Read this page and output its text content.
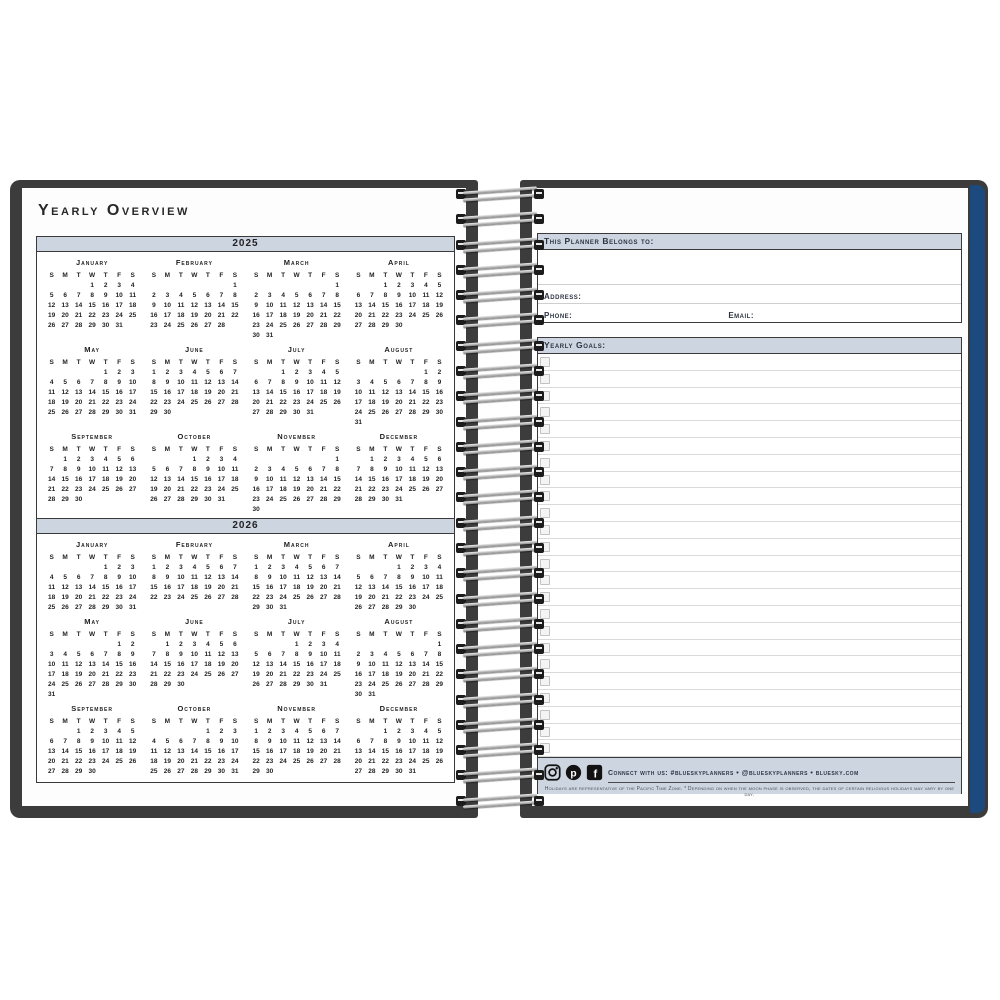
Yearly Overview
2025
January
S M T W T F S
1 2 3 4
5 6 7 8 9 10 11
12 13 14 15 16 17 18
19 20 21 22 23 24 25
26 27 28 29 30 31
February
S M T W T F S
1
2 3 4 5 6 7 8
9 10 11 12 13 14 15
16 17 18 19 20 21 22
23 24 25 26 27 28
March
S M T W T F S
1
2 3 4 5 6 7 8
9 10 11 12 13 14 15
16 17 18 19 20 21 22
23 24 25 26 27 28 29
30 31
April
S M T W T F S
1 2 3 4 5
6 7 8 9 10 11 12
13 14 15 16 17 18 19
20 21 22 23 24 25 26
27 28 29 30
May
S M T W T F S
1 2 3
4 5 6 7 8 9 10
11 12 13 14 15 16 17
18 19 20 21 22 23 24
25 26 27 28 29 30 31
June
S M T W T F S
1 2 3 4 5 6 7
8 9 10 11 12 13 14
15 16 17 18 19 20 21
22 23 24 25 26 27 28
29 30
July
S M T W T F S
1 2 3 4 5
6 7 8 9 10 11 12
13 14 15 16 17 18 19
20 21 22 23 24 25 26
27 28 29 30 31
August
S M T W T F S
1 2
3 4 5 6 7 8 9
10 11 12 13 14 15 16
17 18 19 20 21 22 23
24 25 26 27 28 29 30
31
September
S M T W T F S
1 2 3 4 5 6
7 8 9 10 11 12 13
14 15 16 17 18 19 20
21 22 23 24 25 26 27
28 29 30
October
S M T W T F S
1 2 3 4
5 6 7 8 9 10 11
12 13 14 15 16 17 18
19 20 21 22 23 24 25
26 27 28 29 30 31
November
S M T W T F S
1
2 3 4 5 6 7 8
9 10 11 12 13 14 15
16 17 18 19 20 21 22
23 24 25 26 27 28 29
30
December
S M T W T F S
1 2 3 4 5 6
7 8 9 10 11 12 13
14 15 16 17 18 19 20
21 22 23 24 25 26 27
28 29 30 31
2026
January
S M T W T F S
1 2 3
4 5 6 7 8 9 10
11 12 13 14 15 16 17
18 19 20 21 22 23 24
25 26 27 28 29 30 31
February
S M T W T F S
1 2 3 4 5 6 7
8 9 10 11 12 13 14
15 16 17 18 19 20 21
22 23 24 25 26 27 28
March
S M T W T F S
1 2 3 4 5 6 7
8 9 10 11 12 13 14
15 16 17 18 19 20 21
22 23 24 25 26 27 28
29 30 31
April
S M T W T F S
1 2 3 4
5 6 7 8 9 10 11
12 13 14 15 16 17 18
19 20 21 22 23 24 25
26 27 28 29 30
May
S M T W T F S
1 2
3 4 5 6 7 8 9
10 11 12 13 14 15 16
17 18 19 20 21 22 23
24 25 26 27 28 29 30
31
June
S M T W T F S
1 2 3 4 5 6
7 8 9 10 11 12 13
14 15 16 17 18 19 20
21 22 23 24 25 26 27
28 29 30
July
S M T W T F S
1 2 3 4
5 6 7 8 9 10 11
12 13 14 15 16 17 18
19 20 21 22 23 24 25
26 27 28 29 30 31
August
S M T W T F S
1
2 3 4 5 6 7 8
9 10 11 12 13 14 15
16 17 18 19 20 21 22
23 24 25 26 27 28 29
30 31
September
S M T W T F S
1 2 3 4 5
6 7 8 9 10 11 12
13 14 15 16 17 18 19
20 21 22 23 24 25 26
27 28 29 30
October
S M T W T F S
1 2 3
4 5 6 7 8 9 10
11 12 13 14 15 16 17
18 19 20 21 22 23 24
25 26 27 28 29 30 31
November
S M T W T F S
1 2 3 4 5 6 7
8 9 10 11 12 13 14
15 16 17 18 19 20 21
22 23 24 25 26 27 28
29 30
December
S M T W T F S
1 2 3 4 5
6 7 8 9 10 11 12
13 14 15 16 17 18 19
20 21 22 23 24 25 26
27 28 29 30 31
This Planner Belongs to:
Address:
Phone:	Email:
Yearly Goals:
p f Connect with us: #blueskyplanners • @blueskyplanners • bluesky.com
Holidays are representative of the Pacific Time Zone. * Depending on when the moon phase is observed, the dates of certain religious holidays may vary by one day.
